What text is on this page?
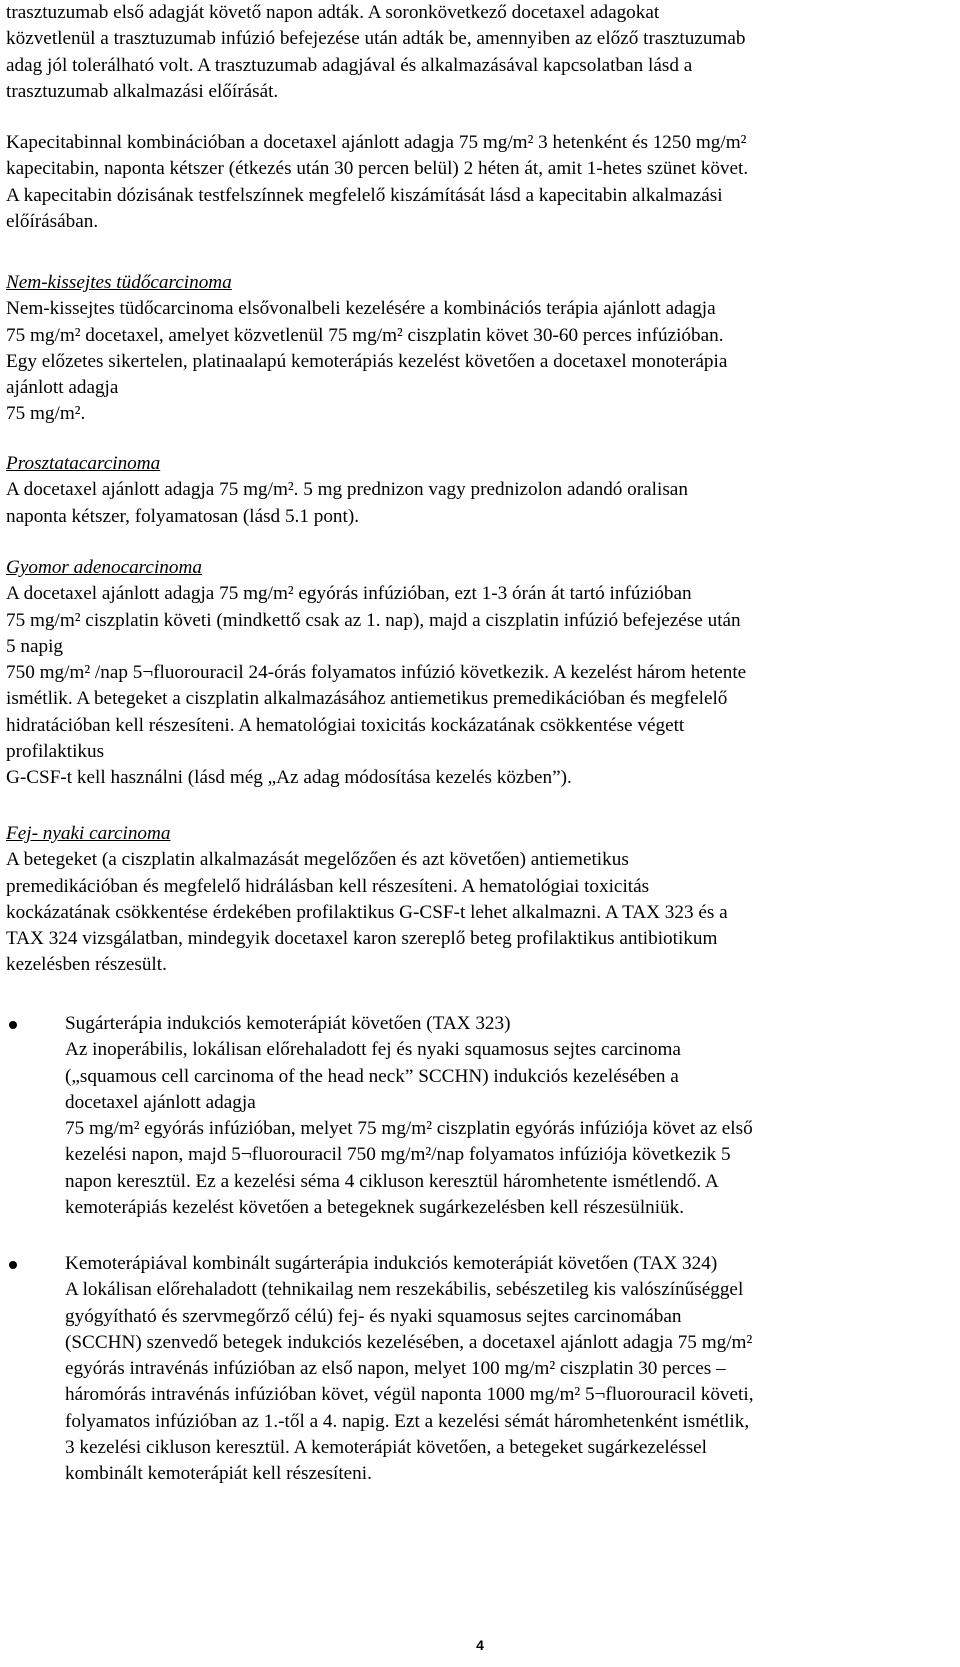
trasztuzumab első adagját követő napon adták. A soronkövetkező docetaxel adagokat
közvetlenül a trasztuzumab infúzió befejezése után adták be, amennyiben az előző trasztuzumab
adag jól tolerálható volt. A trasztuzumab adagjával és alkalmazásával kapcsolatban lásd a
trasztuzumab alkalmazási előírását.
Kapecitabinnal kombinációban a docetaxel ajánlott adagja 75 mg/m² 3 hetenként és 1250 mg/m²
kapecitabin, naponta kétszer (étkezés után 30 percen belül) 2 héten át, amit 1-hetes szünet követ.
A kapecitabin dózisának testfelszínnek megfelelő kiszámítását lásd a kapecitabin alkalmazási
előírásában.
Nem-kissejtes tüdőcarcinoma
Nem-kissejtes tüdőcarcinoma elsővonalbeli kezelésére a kombinációs terápia ajánlott adagja
75 mg/m² docetaxel, amelyet közvetlenül 75 mg/m² ciszplatin követ 30-60 perces infúzióban.
Egy előzetes sikertelen, platinaalapú kemoterápiás kezelést követően a docetaxel monoterápia
ajánlott adagja
75 mg/m².
Prosztatacarcinoma
A docetaxel ajánlott adagja 75 mg/m². 5 mg prednizon vagy prednizolon adandó oralisan
naponta kétszer, folyamatosan (lásd 5.1 pont).
Gyomor adenocarcinoma
A docetaxel ajánlott adagja 75 mg/m² egyórás infúzióban, ezt 1-3 órán át tartó infúzióban
75 mg/m² ciszplatin követi (mindkettő csak az 1. nap), majd a ciszplatin infúzió befejezése után
5 napig
750 mg/m² /nap 5¬fluorouracil 24-órás folyamatos infúzió következik. A kezelést három hetente
ismétlik. A betegeket a ciszplatin alkalmazásához antiemetikus premedikációban és megfelelő
hidratációban kell részesíteni. A hematológiai toxicitás kockázatának csökkentése végett
profilaktikus
G-CSF-t kell használni (lásd még „Az adag módosítása kezelés közben”).
Fej- nyaki carcinoma
A betegeket (a ciszplatin alkalmazását megelőzően és azt követően) antiemetikus
premedikációban és megfelelő hidrálásban kell részesíteni. A hematológiai toxicitás
kockázatának csökkentése érdekében profilaktikus G-CSF-t lehet alkalmazni. A TAX 323 és a
TAX 324 vizsgálatban, mindegyik docetaxel karon szereplő beteg profilaktikus antibiotikum
kezelésben részesült.
Sugárterápia indukciós kemoterápiát követően (TAX 323)
Az inoperábilis, lokálisan előrehaladott fej és nyaki squamosus sejtes carcinoma
(„squamous cell carcinoma of the head neck” SCCHN) indukciós kezelésében a
docetaxel ajánlott adagja
75 mg/m² egyórás infúzióban, melyet 75 mg/m² ciszplatin egyórás infúziója követ az első
kezelési napon, majd 5¬fluorouracil 750 mg/m²/nap folyamatos infúziója következik 5
napon keresztül. Ez a kezelési séma 4 cikluson keresztül háromhetente ismétlendő. A
kemoterápiás kezelést követően a betegeknek sugárkezelésben kell részesülniük.
Kemoterápiával kombinált sugárterápia indukciós kemoterápiát követően (TAX 324)
A lokálisan előrehaladott (tehnikailag nem reszekábilis, sebészetileg kis valószínűséggel
gyógyítható és szervmegőrző célú) fej- és nyaki squamosus sejtes carcinomában
(SCCHN) szenvedő betegek indukciós kezelésében, a docetaxel ajánlott adagja 75 mg/m²
egyórás intravénás infúzióban az első napon, melyet 100 mg/m² ciszplatin 30 perces –
háromórás intravénás infúzióban követ, végül naponta 1000 mg/m² 5¬fluorouracil követi,
folyamatos infúzióban az 1.-től a 4. napig. Ezt a kezelési sémát háromhetenként ismétlik,
3 kezelési cikluson keresztül. A kemoterápiát követően, a betegeket sugárkezeléssel
kombinált kemoterápiát kell részesíteni.
4
